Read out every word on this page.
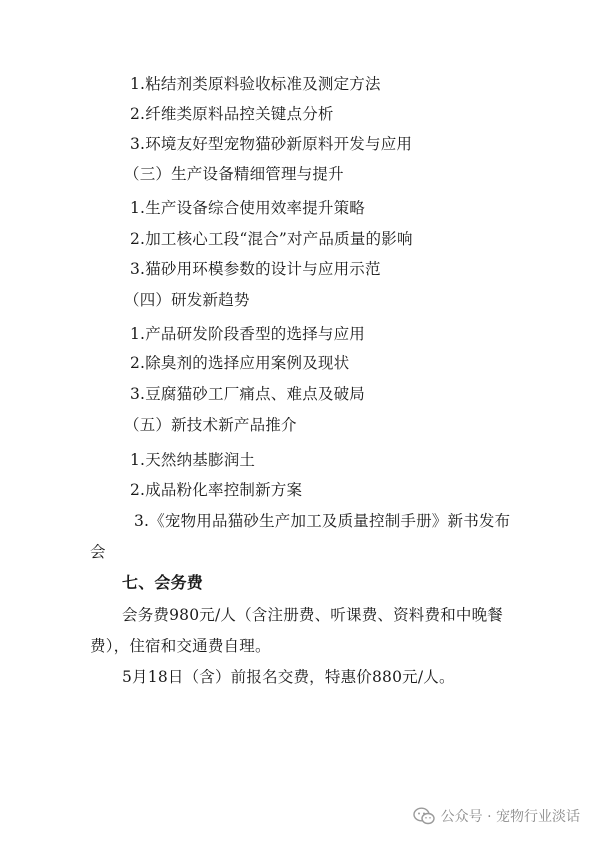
1.粘结剂类原料验收标准及测定方法
2.纤维类原料品控关键点分析
3.环境友好型宠物猫砂新原料开发与应用
（三）生产设备精细管理与提升
1.生产设备综合使用效率提升策略
2.加工核心工段“混合”对产品质量的影响
3.猫砂用环模参数的设计与应用示范
（四）研发新趋势
1.产品研发阶段香型的选择与应用
2.除臭剂的选择应用案例及现状
3.豆腐猫砂工厂痛点、难点及破局
（五）新技术新产品推介
1.天然纳基膨润土
2.成品粉化率控制新方案
3.《宠物用品猫砂生产加工及质量控制手册》新书发布
会
七、会务费
会务费980元/人（含注册费、听课费、资料费和中晚餐
费），住宿和交通费自理。
5月18日（含）前报名交费，特惠价880元/人。
公众号 · 宠物行业淡话
